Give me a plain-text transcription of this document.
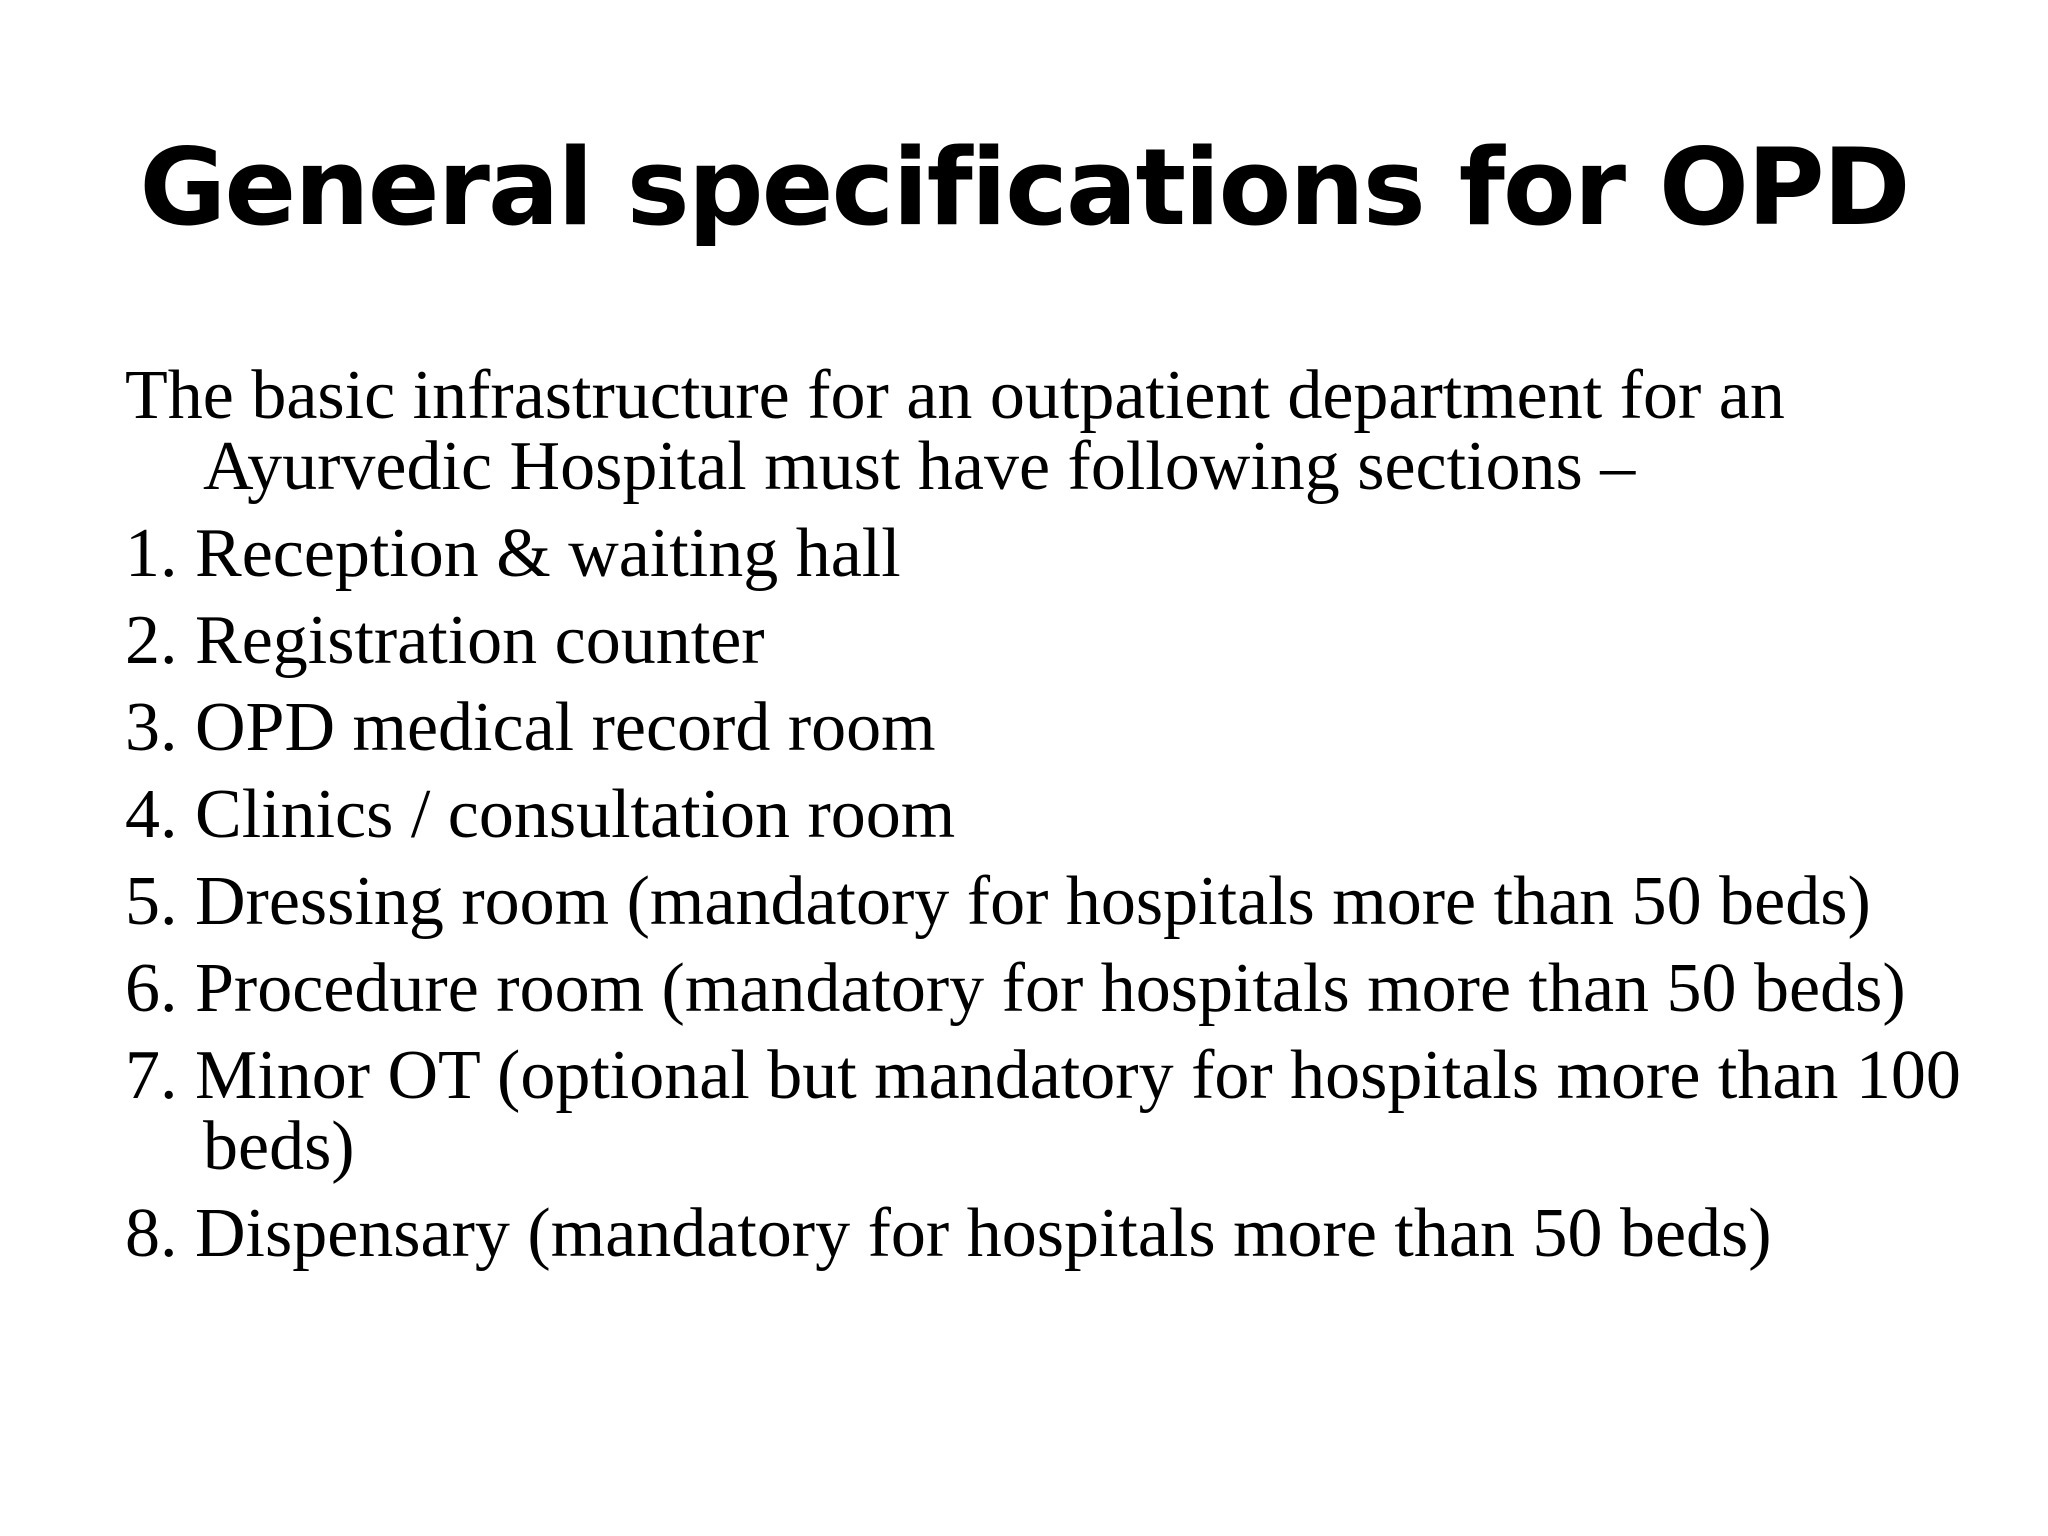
General specifications for OPD

The basic infrastructure for an outpatient department for an Ayurvedic Hospital must have following sections –

1. Reception & waiting hall
2. Registration counter
3. OPD medical record room
4. Clinics / consultation room
5. Dressing room (mandatory for hospitals more than 50 beds)
6. Procedure room (mandatory for hospitals more than 50 beds)
7. Minor OT (optional but mandatory for hospitals more than 100 beds)
8. Dispensary (mandatory for hospitals more than 50 beds)
